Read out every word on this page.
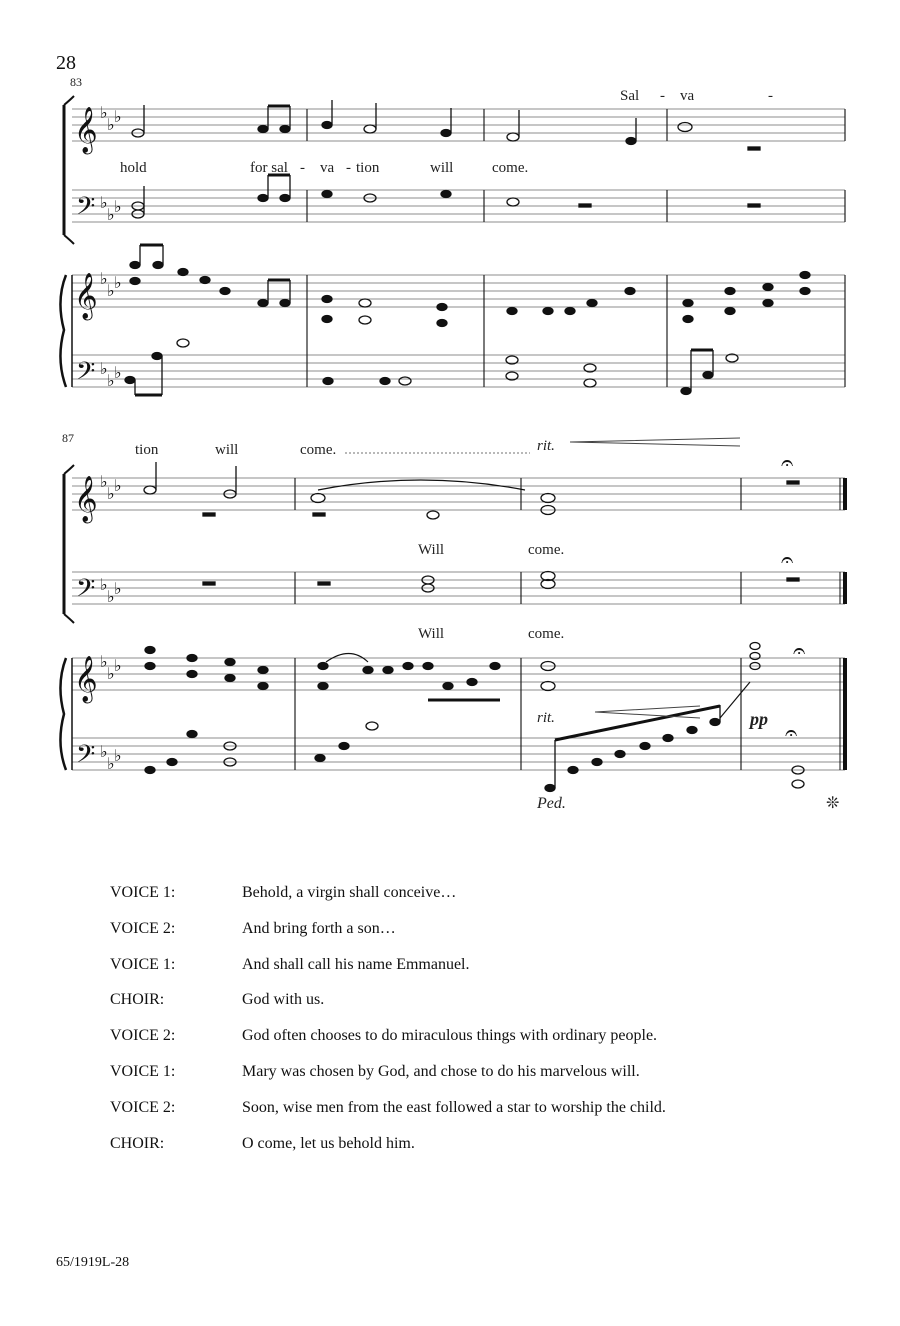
28
83
𝄞
𝄢
𝄞
𝄢
♭
♭ ♭
♭
♭ ♭
♭
♭ ♭
♭
♭ ♭
Sal - va	-
hold	for sal - va - tion	will	come.
87
𝄞
𝄢
𝄞
𝄢
♭
♭ ♭
♭
♭ ♭
♭
♭ ♭
♭
♭ ♭
𝄐
𝄐
𝄐
𝄐
tion	will	come.	rit.
Will	come.
Will	come.
rit.	pp
Ped.	❊
VOICE 1:	Behold, a virgin shall conceive…
VOICE 2:	And bring forth a son…
VOICE 1:	And shall call his name Emmanuel.
CHOIR:	God with us.
VOICE 2:	God often chooses to do miraculous things with ordinary people.
VOICE 1:	Mary was chosen by God, and chose to do his marvelous will.
VOICE 2:	Soon, wise men from the east followed a star to worship the child.
CHOIR:	O come, let us behold him.
65/1919L-28
